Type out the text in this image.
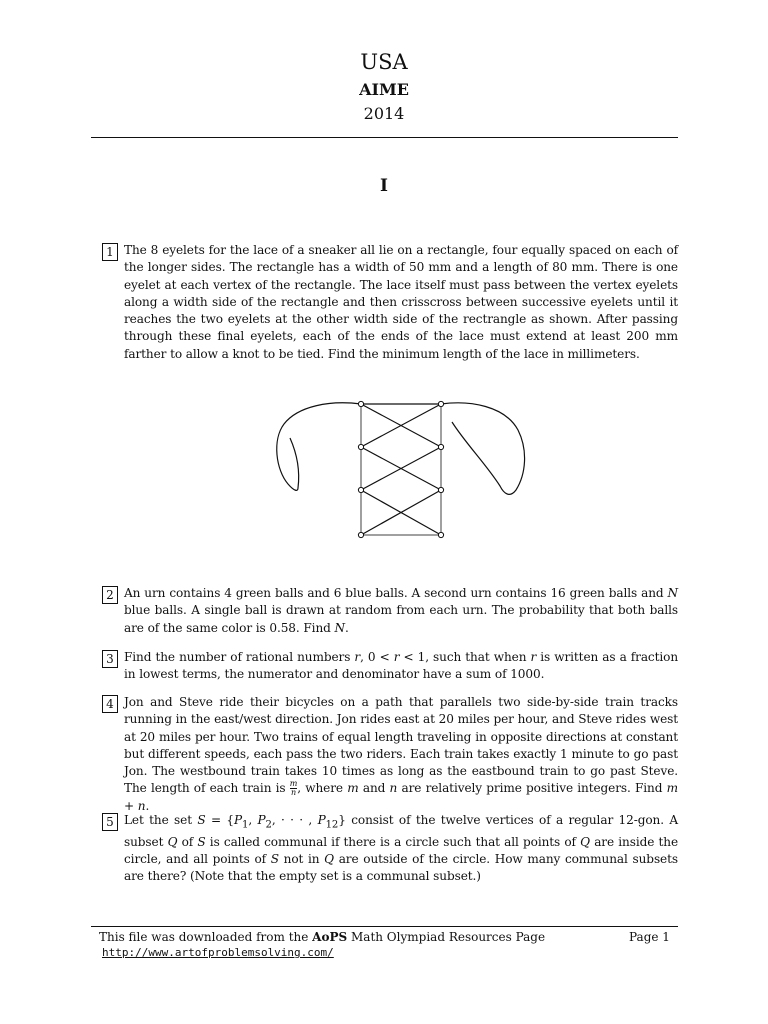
USA
AIME
2014
I
1 The 8 eyelets for the lace of a sneaker all lie on a rectangle, four equally spaced on each of the longer sides. The rectangle has a width of 50 mm and a length of 80 mm. There is one eyelet at each vertex of the rectangle. The lace itself must pass between the vertex eyelets along a width side of the rectangle and then crisscross between successive eyelets until it reaches the two eyelets at the other width side of the rectrangle as shown. After passing through these final eyelets, each of the ends of the lace must extend at least 200 mm farther to allow a knot to be tied. Find the minimum length of the lace in millimeters.
2 An urn contains 4 green balls and 6 blue balls. A second urn contains 16 green balls and N blue balls. A single ball is drawn at random from each urn. The probability that both balls are of the same color is 0.58. Find N.
3 Find the number of rational numbers r, 0 < r < 1, such that when r is written as a fraction in lowest terms, the numerator and denominator have a sum of 1000.
4 Jon and Steve ride their bicycles on a path that parallels two side-by-side train tracks running in the east/west direction. Jon rides east at 20 miles per hour, and Steve rides west at 20 miles per hour. Two trains of equal length traveling in opposite directions at constant but different speeds, each pass the two riders. Each train takes exactly 1 minute to go past Jon. The westbound train takes 10 times as long as the eastbound train to go past Steve. The length of each train is $\frac{m}{n}$ , where m and n are relatively prime positive integers. Find m + n.
5 Let the set $S = \{P_1$, $P_2$, · · · , $P_{12}$} consist of the twelve vertices of a regular 12-gon. A subset Q of S is called communal if there is a circle such that all points of Q are inside the circle, and all points of S not in Q are outside of the circle. How many communal subsets are there? (Note that the empty set is a communal subset.)
This file was downloaded from the AoPS Math Olympiad Resources Page	Page 1
http://www.artofproblemsolving.com/
